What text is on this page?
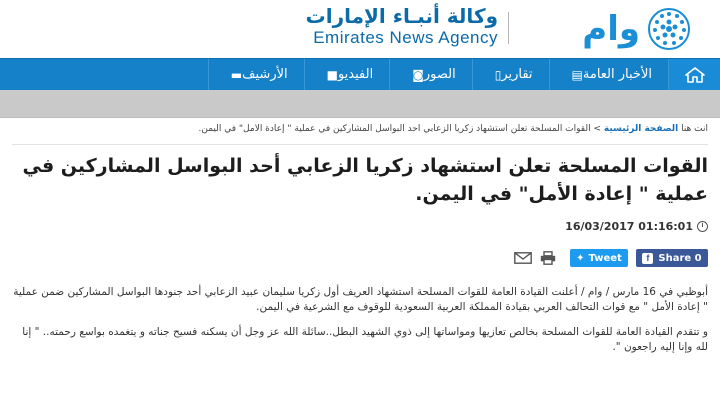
وكالة أنبـاء الإمارات
Emirates News Agency وام
▤ الأخبار العامة
▯ تقارير
◙ الصور
■ الفيديو
▬ الأرشيف
انت هنا الصفحة الرئيسية > القوات المسلحة تعلن استشهاد زكريا الزعابي أحد البواسل المشاركين في عملية " إعادة الأمل" في اليمن.
القوات المسلحة تعلن استشهاد زكريا الزعابي أحد البواسل المشاركين في عملية " إعادة الأمل" في اليمن.
16/03/2017 01:16:01
f Share 0
✦ Tweet

أبوظبي في 16 مارس / وام / أعلنت القيادة العامة للقوات المسلحة استشهاد العريف أول زكريا سليمان عبيد الزعابي أحد جنودها البواسل المشاركين ضمن عملية " إعادة الأمل " مع قوات التحالف العربي بقيادة المملكة العربية السعودية للوقوف مع الشرعية في اليمن.

و تتقدم القيادة العامة للقوات المسلحة بخالص تعازيها ومواساتها إلى ذوي الشهيد البطل..سائلة الله عز وجل أن يسكنه فسيح جناته و يتغمده بواسع رحمته.. " إنا لله وإنا إليه راجعون ".
